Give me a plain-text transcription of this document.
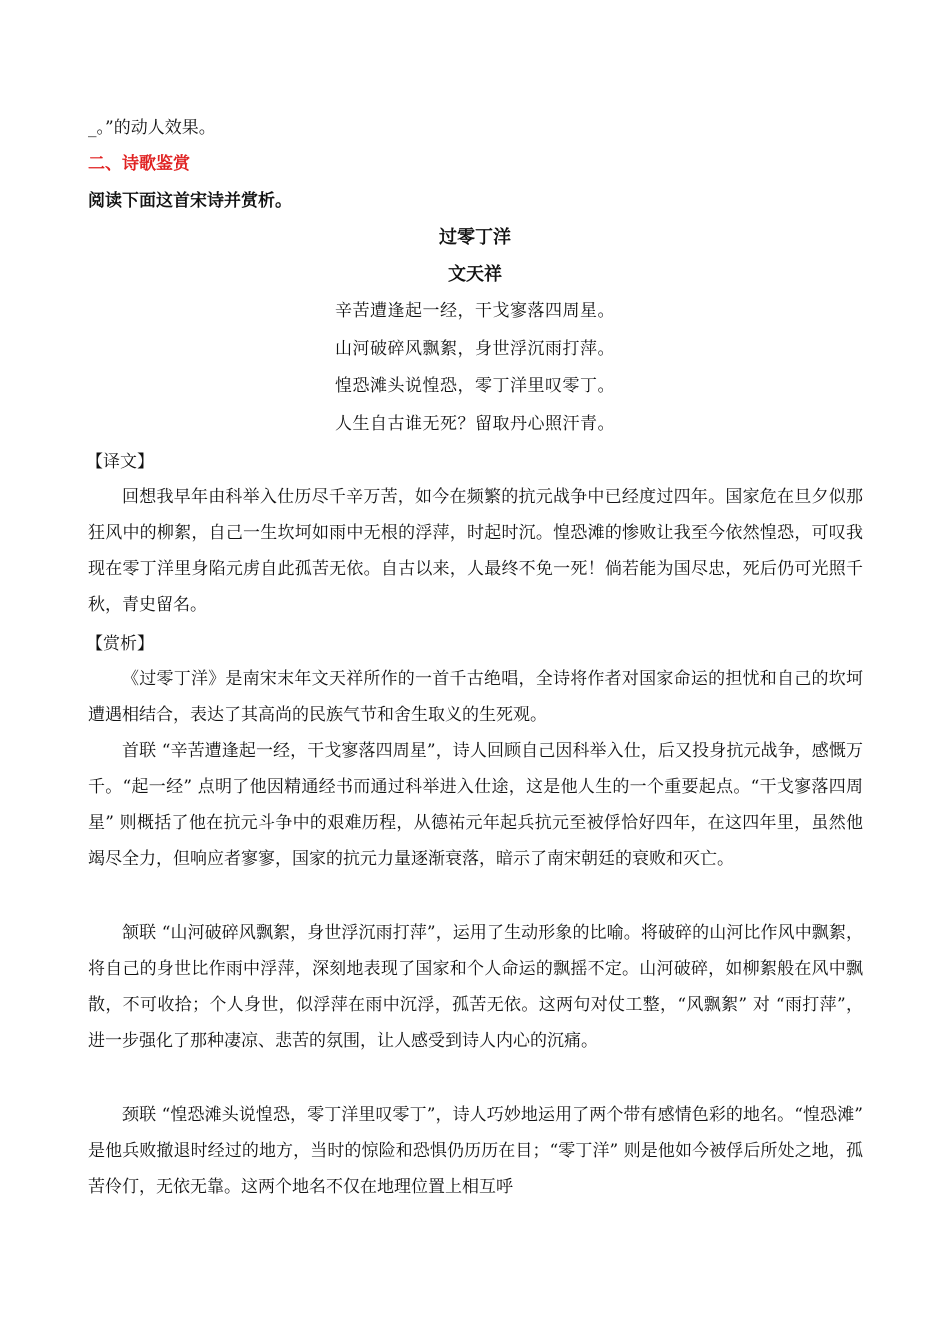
_。”的动人效果。
二、诗歌鉴赏
阅读下面这首宋诗并赏析。
过零丁洋
文天祥
辛苦遭逢起一经，干戈寥落四周星。
山河破碎风飘絮，身世浮沉雨打萍。
惶恐滩头说惶恐，零丁洋里叹零丁。
人生自古谁无死？留取丹心照汗青。
【译文】
回想我早年由科举入仕历尽千辛万苦，如今在频繁的抗元战争中已经度过四年。国家危在旦夕似那狂风中的柳絮，自己一生坎坷如雨中无根的浮萍，时起时沉。惶恐滩的惨败让我至今依然惶恐，可叹我现在零丁洋里身陷元虏自此孤苦无依。自古以来，人最终不免一死！倘若能为国尽忠，死后仍可光照千秋，青史留名。
【赏析】
《过零丁洋》是南宋末年文天祥所作的一首千古绝唱，全诗将作者对国家命运的担忧和自己的坎坷遭遇相结合，表达了其高尚的民族气节和舍生取义的生死观。
首联 “辛苦遭逢起一经，干戈寥落四周星”，诗人回顾自己因科举入仕，后又投身抗元战争，感慨万千。“起一经” 点明了他因精通经书而通过科举进入仕途，这是他人生的一个重要起点。“干戈寥落四周星” 则概括了他在抗元斗争中的艰难历程，从德祐元年起兵抗元至被俘恰好四年，在这四年里，虽然他竭尽全力，但响应者寥寥，国家的抗元力量逐渐衰落，暗示了南宋朝廷的衰败和灭亡。
颔联 “山河破碎风飘絮，身世浮沉雨打萍”，运用了生动形象的比喻。将破碎的山河比作风中飘絮，将自己的身世比作雨中浮萍，深刻地表现了国家和个人命运的飘摇不定。山河破碎，如柳絮般在风中飘散，不可收拾；个人身世，似浮萍在雨中沉浮，孤苦无依。这两句对仗工整，“风飘絮” 对 “雨打萍”，进一步强化了那种凄凉、悲苦的氛围，让人感受到诗人内心的沉痛。
颈联 “惶恐滩头说惶恐，零丁洋里叹零丁”，诗人巧妙地运用了两个带有感情色彩的地名。“惶恐滩” 是他兵败撤退时经过的地方，当时的惊险和恐惧仍历历在目；“零丁洋” 则是他如今被俘后所处之地，孤苦伶仃，无依无靠。这两个地名不仅在地理位置上相互呼
